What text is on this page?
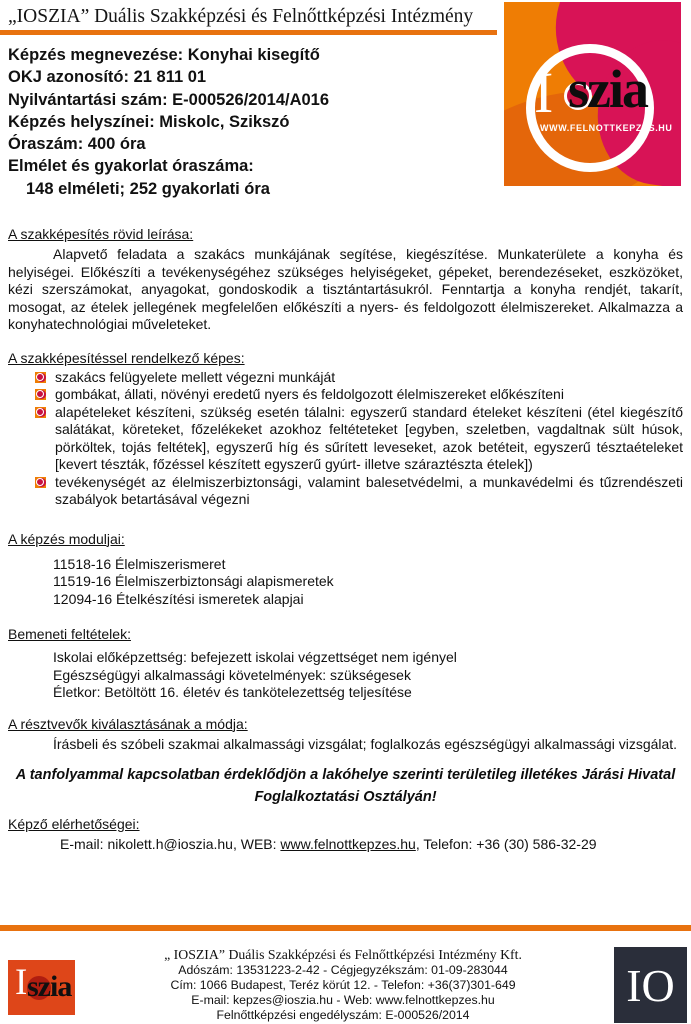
„IOSZIA” Duális Szakképzési és Felnőttképzési Intézmény
I szia
WWW.FELNOTTKEPZES.HU
Képzés megnevezése: Konyhai kisegítő
OKJ azonosító: 21 811 01
Nyilvántartási szám: E-000526/2014/A016
Képzés helyszínei: Miskolc, Szikszó
Óraszám: 400 óra
Elmélet és gyakorlat óraszáma:
148 elméleti; 252 gyakorlati óra
A szakképesítés rövid leírása:

Alapvető feladata a szakács munkájának segítése, kiegészítése. Munkaterülete a konyha és helyiségei. Előkészíti a tevékenységéhez szükséges helyiségeket, gépeket, berendezéseket, eszközöket, kézi szerszámokat, anyagokat, gondoskodik a tisztántartásukról. Fenntartja a konyha rendjét, takarít, mosogat, az ételek jellegének megfelelően előkészíti a nyers- és feldolgozott élelmiszereket. Alkalmazza a konyhatechnológiai műveleteket.

A szakképesítéssel rendelkező képes:
szakács felügyelete mellett végezni munkáját
gombákat, állati, növényi eredetű nyers és feldolgozott élelmiszereket előkészíteni
alapételeket készíteni, szükség esetén tálalni: egyszerű standard ételeket készíteni (étel kiegészítő salátákat, köreteket, főzelékeket azokhoz feltéteteket [egyben, szeletben, vagdaltnak sült húsok, pörköltek, tojás feltétek], egyszerű híg és sűrített leveseket, azok betéteit, egyszerű tésztaételeket [kevert tészták, főzéssel készített egyszerű gyúrt- illetve száraztészta ételek])
tevékenységét az élelmiszerbiztonsági, valamint balesetvédelmi, a munkavédelmi és tűzrendészeti szabályok betartásával végezni
A képzés moduljai:
11518-16 Élelmiszerismeret
11519-16 Élelmiszerbiztonsági alapismeretek
12094-16 Ételkészítési ismeretek alapjai
Bemeneti feltételek:
Iskolai előképzettség: befejezett iskolai végzettséget nem igényel
Egészségügyi alkalmassági követelmények: szükségesek
Életkor: Betöltött 16. életév és tankötelezettség teljesítése
A résztvevők kiválasztásának a módja:

Írásbeli és szóbeli szakmai alkalmassági vizsgálat; foglalkozás egészségügyi alkalmassági vizsgálat.

A tanfolyammal kapcsolatban érdeklődjön a lakóhelye szerinti területileg illetékes Járási Hivatal Foglalkoztatási Osztályán!
Képző elérhetőségei:
E-mail: nikolett.h@ioszia.hu, WEB: www.felnottkepzes.hu, Telefon: +36 (30) 586-32-29
I szia
„ IOSZIA” Duális Szakképzési és Felnőttképzési Intézmény Kft.
Adószám: 13531223-2-42 - Cégjegyzékszám: 01-09-283044
Cím: 1066 Budapest, Teréz körút 12. - Telefon: +36(37)301-649
E-mail: kepzes@ioszia.hu - Web: www.felnottkepzes.hu
Felnőttképzési engedélyszám: E-000526/2014
IO
